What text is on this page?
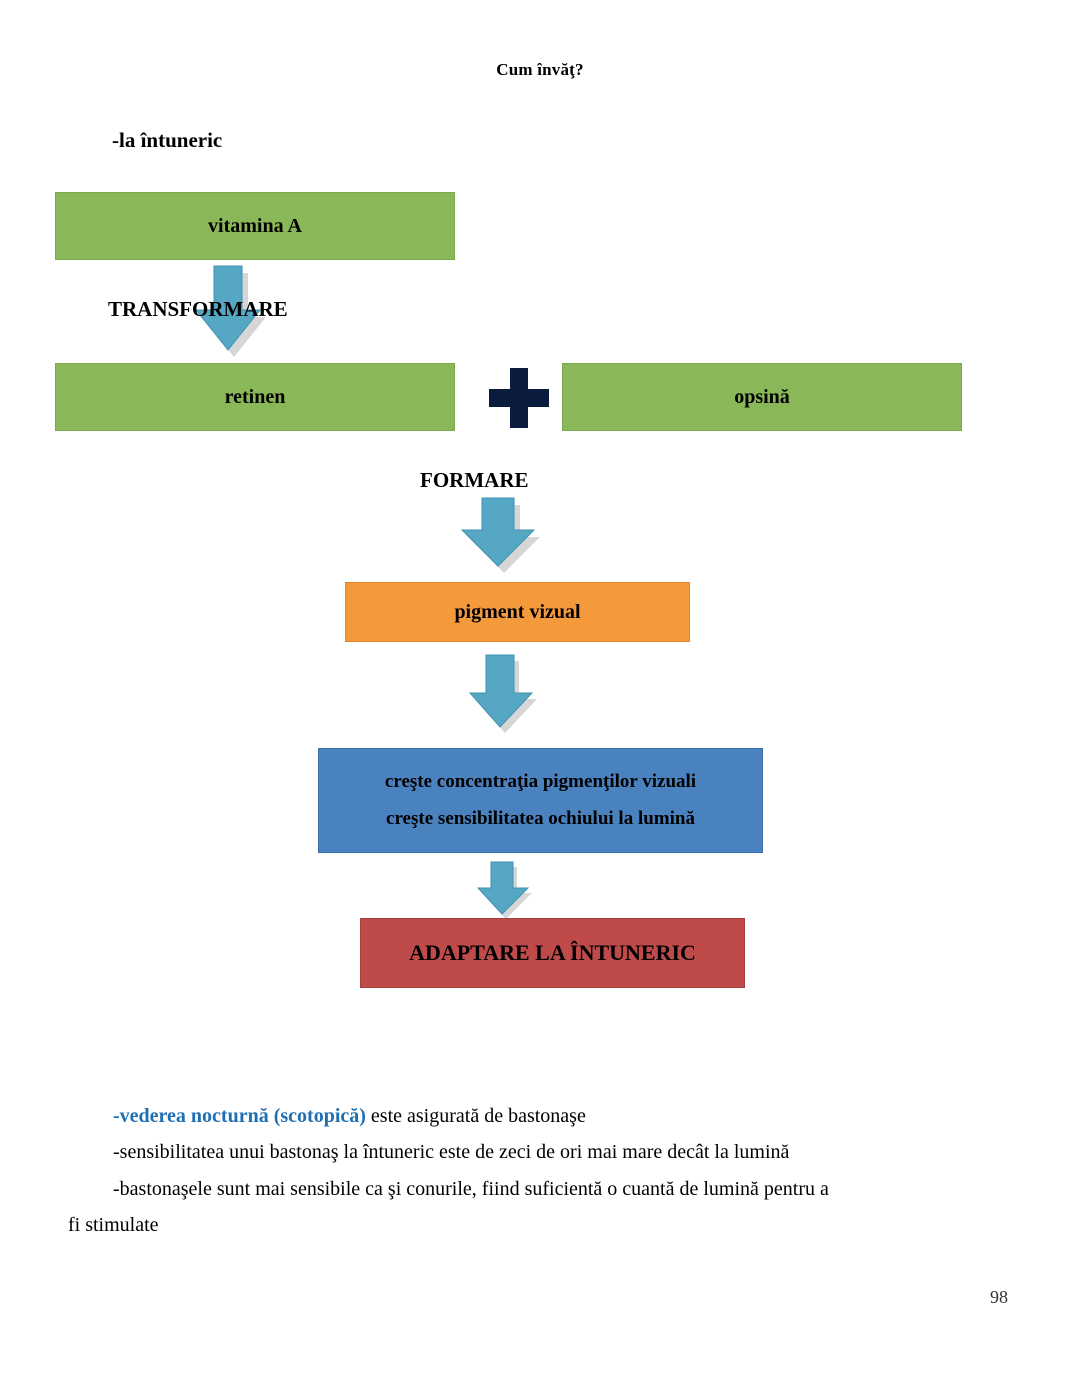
Cum învăţ?
-la întuneric
vitamina A
retinen	opsină
pigment vizual
creşte concentraţia pigmenţilor vizuali
creşte sensibilitatea ochiului la lumină
ADAPTARE LA ÎNTUNERIC
TRANSFORMARE
FORMARE

-vederea nocturnă (scotopică) este asigurată de bastonaşe

-sensibilitatea unui bastonaş la întuneric este de zeci de ori mai mare decât la lumină

-bastonaşele sunt mai sensibile ca şi conurile, fiind suficientă o cuantă de lumină pentru a

fi stimulate

98
